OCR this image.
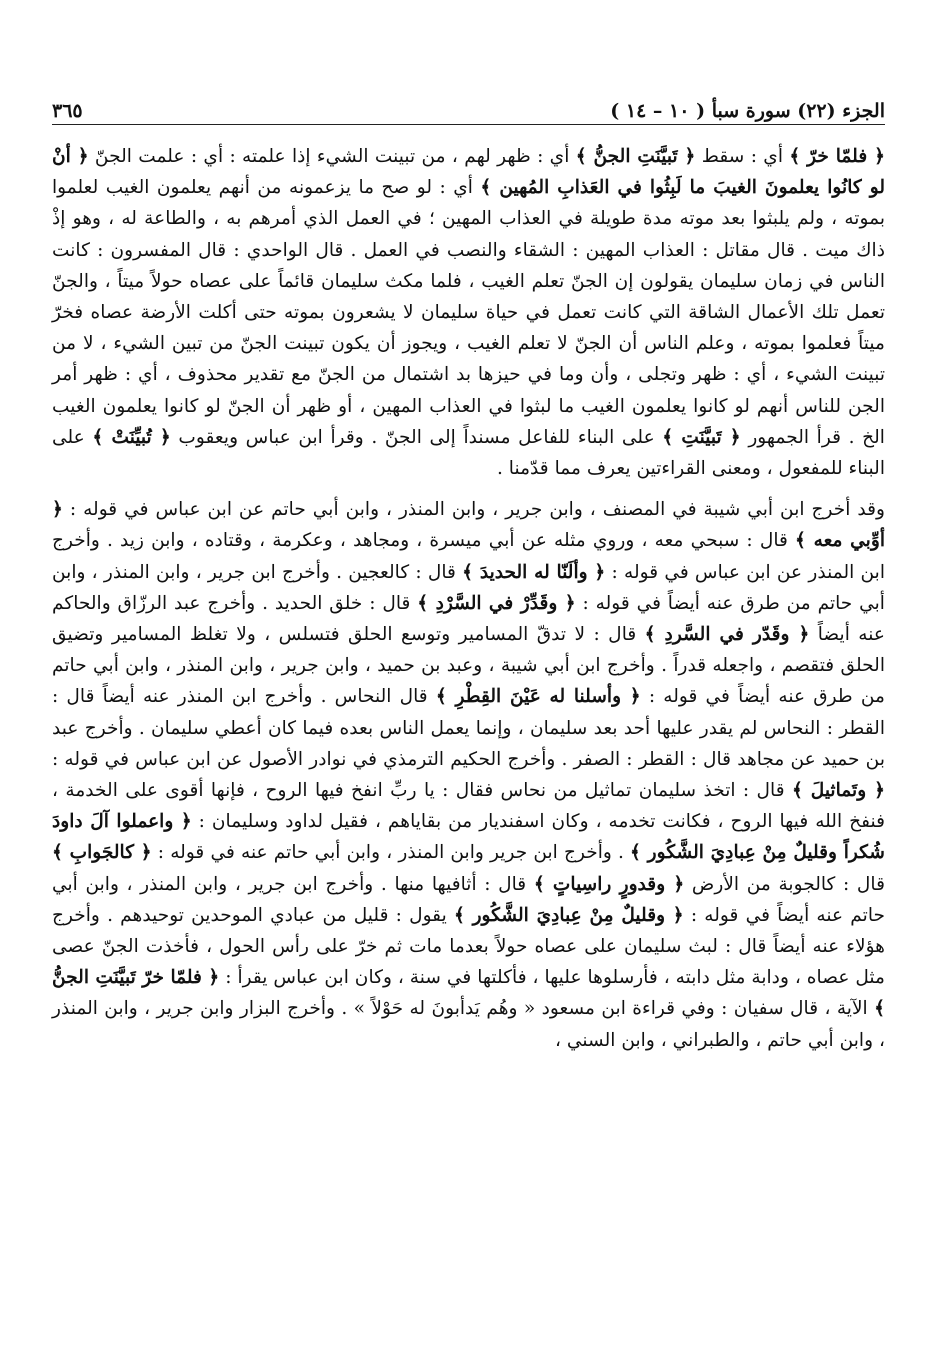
الجزء (٢٢) سورة سبأ ( ١٠ – ١٤ )
٣٦٥

﴿ فلمّا خرّ ﴾ أي : سقط ﴿ تَبيَّنَتِ الجنُّ ﴾ أي : ظهر لهم ، من تبينت الشيء إذا علمته : أي : علمت الجنّ ﴿ أنْ لو كانُوا يعلمونَ الغيبَ ما لَبِثُوا في العَذابِ المُهين ﴾ أي : لو صح ما يزعمونه من أنهم يعلمون الغيب لعلموا بموته ، ولم يلبثوا بعد موته مدة طويلة في العذاب المهين ؛ في العمل الذي أمرهم به ، والطاعة له ، وهو إذْ ذاك ميت . قال مقاتل : العذاب المهين : الشقاء والنصب في العمل . قال الواحدي : قال المفسرون : كانت الناس في زمان سليمان يقولون إن الجنّ تعلم الغيب ، فلما مكث سليمان قائماً على عصاه حولاً ميتاً ، والجنّ تعمل تلك الأعمال الشاقة التي كانت تعمل في حياة سليمان لا يشعرون بموته حتى أكلت الأرضة عصاه فخرّ ميتاً فعلموا بموته ، وعلم الناس أن الجنّ لا تعلم الغيب ، ويجوز أن يكون تبينت الجنّ من تبين الشيء ، لا من تبينت الشيء ، أي : ظهر وتجلى ، وأن وما في حيزها بد اشتمال من الجنّ مع تقدير محذوف ، أي : ظهر أمر الجن للناس أنهم لو كانوا يعلمون الغيب ما لبثوا في العذاب المهين ، أو ظهر أن الجنّ لو كانوا يعلمون الغيب الخ . قرأ الجمهور ﴿ تَبيَّنَتِ ﴾ على البناء للفاعل مسنداً إلى الجنّ . وقرأ ابن عباس ويعقوب ﴿ تُبيِّنَتْ ﴾ على البناء للمفعول ، ومعنى القراءتين يعرف مما قدّمنا .

وقد أخرج ابن أبي شيبة في المصنف ، وابن جرير ، وابن المنذر ، وابن أبي حاتم عن ابن عباس في قوله : ﴿ أوِّبي معه ﴾ قال : سبحي معه ، وروي مثله عن أبي ميسرة ، ومجاهد ، وعكرمة ، وقتاده ، وابن زيد . وأخرج ابن المنذر عن ابن عباس في قوله : ﴿ وألَنّا له الحديدَ ﴾ قال : كالعجين . وأخرج ابن جرير ، وابن المنذر ، وابن أبي حاتم من طرق عنه أيضاً في قوله : ﴿ وقَدِّرْ في السَّرْدِ ﴾ قال : خلق الحديد . وأخرج عبد الرزّاق والحاكم عنه أيضاً ﴿ وقَدّر في السَّردِ ﴾ قال : لا تدقّ المسامير وتوسع الحلق فتسلس ، ولا تغلظ المسامير وتضيق الحلق فتقصم ، واجعله قدراً . وأخرج ابن أبي شيبة ، وعبد بن حميد ، وابن جرير ، وابن المنذر ، وابن أبي حاتم من طرق عنه أيضاً في قوله : ﴿ وأسلنا له عَيْنَ القِطْرِ ﴾ قال النحاس . وأخرج ابن المنذر عنه أيضاً قال : القطر : النحاس لم يقدر عليها أحد بعد سليمان ، وإنما يعمل الناس بعده فيما كان أعطي سليمان . وأخرج عبد بن حميد عن مجاهد قال : القطر : الصفر . وأخرج الحكيم الترمذي في نوادر الأصول عن ابن عباس في قوله : ﴿ وتَماثيلَ ﴾ قال : اتخذ سليمان تماثيل من نحاس فقال : يا ربِّ انفخ فيها الروح ، فإنها أقوى على الخدمة ، فنفخ الله فيها الروح ، فكانت تخدمه ، وكان اسفنديار من بقاياهم ، فقيل لداود وسليمان : ﴿ واعملوا آلَ داودَ شُكراً وقليلٌ مِنْ عِبادِيَ الشَّكُور ﴾ . وأخرج ابن جرير وابن المنذر ، وابن أبي حاتم عنه في قوله : ﴿ كالجَوابِ ﴾ قال : كالجوبة من الأرض ﴿ وقدورٍ راسِياتٍ ﴾ قال : أثافيها منها . وأخرج ابن جرير ، وابن المنذر ، وابن أبي حاتم عنه أيضاً في قوله : ﴿ وقليلٌ مِنْ عِبادِيَ الشَّكُور ﴾ يقول : قليل من عبادي الموحدين توحيدهم . وأخرج هؤلاء عنه أيضاً قال : لبث سليمان على عصاه حولاً بعدما مات ثم خرّ على رأس الحول ، فأخذت الجنّ عصى مثل عصاه ، ودابة مثل دابته ، فأرسلوها عليها ، فأكلتها في سنة ، وكان ابن عباس يقرأ : ﴿ فلمّا خرّ تَبيَّنَتِ الجنُّ ﴾ الآية ، قال سفيان : وفي قراءة ابن مسعود « وهُم يَدأبونَ له حَوْلاً » . وأخرج البزار وابن جرير ، وابن المنذر ، وابن أبي حاتم ، والطبراني ، وابن السني ،
